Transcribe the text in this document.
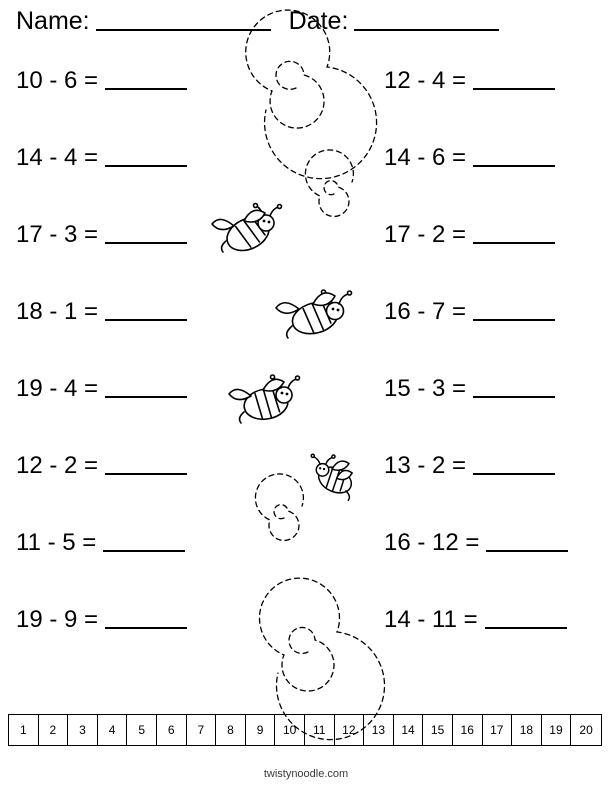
Name:	Date:
10 - 6 =	12 - 4 =
14 - 4 =	14 - 6 =
17 - 3 =	17 - 2 =
18 - 1 =	16 - 7 =
19 - 4 =	15 - 3 =
12 - 2 =	13 - 2 =
11 - 5 =	16 - 12 =
19 - 9 =	14 - 11 =
1	2	3	4	5	6	7	8	9	10	11	12	13	14	15	16	17	18	19	20
twistynoodle.com
